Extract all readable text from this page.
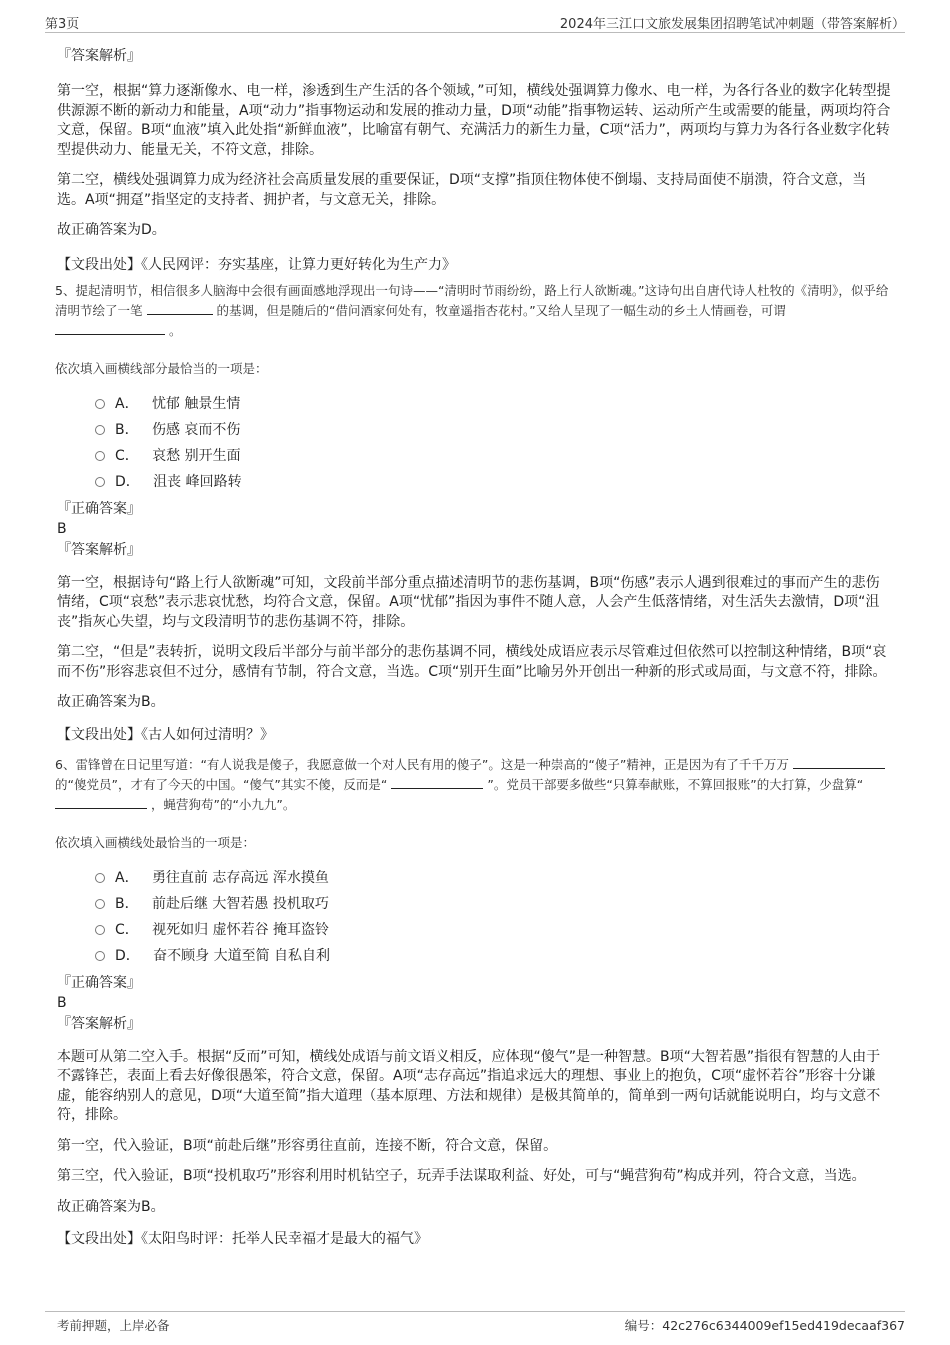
第3页	2024年三江口文旅发展集团招聘笔试冲刺题（带答案解析）
『答案解析』
第一空，根据“算力逐渐像水、电一样，渗透到生产生活的各个领域，”可知，横线处强调算力像水、电一样，为各行各业的数字化转型提供源源不断的新动力和能量，A项“动力”指事物运动和发展的推动力量，D项“动能”指事物运转、运动所产生或需要的能量，两项均符合文意，保留。B项“血液”填入此处指“新鲜血液”，比喻富有朝气、充满活力的新生力量，C项“活力”，两项均与算力为各行各业数字化转型提供动力、能量无关，不符文意，排除。
第二空，横线处强调算力成为经济社会高质量发展的重要保证，D项“支撑”指顶住物体使不倒塌、支持局面使不崩溃，符合文意，当选。A项“拥趸”指坚定的支持者、拥护者，与文意无关，排除。
故正确答案为D。
【文段出处】《人民网评：夯实基座，让算力更好转化为生产力》
5、提起清明节，相信很多人脑海中会很有画面感地浮现出一句诗——“清明时节雨纷纷，路上行人欲断魂。”这诗句出自唐代诗人杜牧的《清明》，似乎给清明节绘了一笔	的基调，但是随后的“借问酒家何处有，牧童遥指杏花村。”又给人呈现了一幅生动的乡土人情画卷，可谓  。
依次填入画横线部分最恰当的一项是：
A． 忧郁 触景生情
B． 伤感 哀而不伤
C． 哀愁 别开生面
D． 沮丧 峰回路转
『正确答案』
B
『答案解析』
第一空，根据诗句“路上行人欲断魂”可知，文段前半部分重点描述清明节的悲伤基调，B项“伤感”表示人遇到很难过的事而产生的悲伤情绪，C项“哀愁”表示悲哀忧愁，均符合文意，保留。A项“忧郁”指因为事件不随人意，人会产生低落情绪，对生活失去激情，D项“沮丧”指灰心失望，均与文段清明节的悲伤基调不符，排除。
第二空，“但是”表转折，说明文段后半部分与前半部分的悲伤基调不同，横线处成语应表示尽管难过但依然可以控制这种情绪，B项“哀而不伤”形容悲哀但不过分，感情有节制，符合文意，当选。C项“别开生面”比喻另外开创出一种新的形式或局面，与文意不符，排除。
故正确答案为B。
【文段出处】《古人如何过清明？》
6、雷锋曾在日记里写道：“有人说我是傻子，我愿意做一个对人民有用的傻子”。这是一种崇高的“傻子”精神，正是因为有了千千万万  的“傻党员”，才有了今天的中国。“傻气”其实不傻，反而是“	”。党员干部要多做些“只算奉献账，不算回报账”的大打算，少盘算“  ，蝇营狗苟”的“小九九”。
依次填入画横线处最恰当的一项是：
A． 勇往直前 志存高远 浑水摸鱼
B． 前赴后继 大智若愚 投机取巧
C． 视死如归 虚怀若谷 掩耳盗铃
D． 奋不顾身 大道至简 自私自利
『正确答案』
B
『答案解析』
本题可从第二空入手。根据“反而”可知，横线处成语与前文语义相反，应体现“傻气”是一种智慧。B项“大智若愚”指很有智慧的人由于不露锋芒，表面上看去好像很愚笨，符合文意，保留。A项“志存高远”指追求远大的理想、事业上的抱负，C项“虚怀若谷”形容十分谦虚，能容纳别人的意见，D项“大道至简”指大道理（基本原理、方法和规律）是极其简单的，简单到一两句话就能说明白，均与文意不符，排除。
第一空，代入验证，B项“前赴后继”形容勇往直前，连接不断，符合文意，保留。
第三空，代入验证，B项“投机取巧”形容利用时机钻空子，玩弄手法谋取利益、好处，可与“蝇营狗苟”构成并列，符合文意，当选。
故正确答案为B。
【文段出处】《太阳鸟时评：托举人民幸福才是最大的福气》
考前押题，上岸必备	编号：42c276c6344009ef15ed419decaaf367
